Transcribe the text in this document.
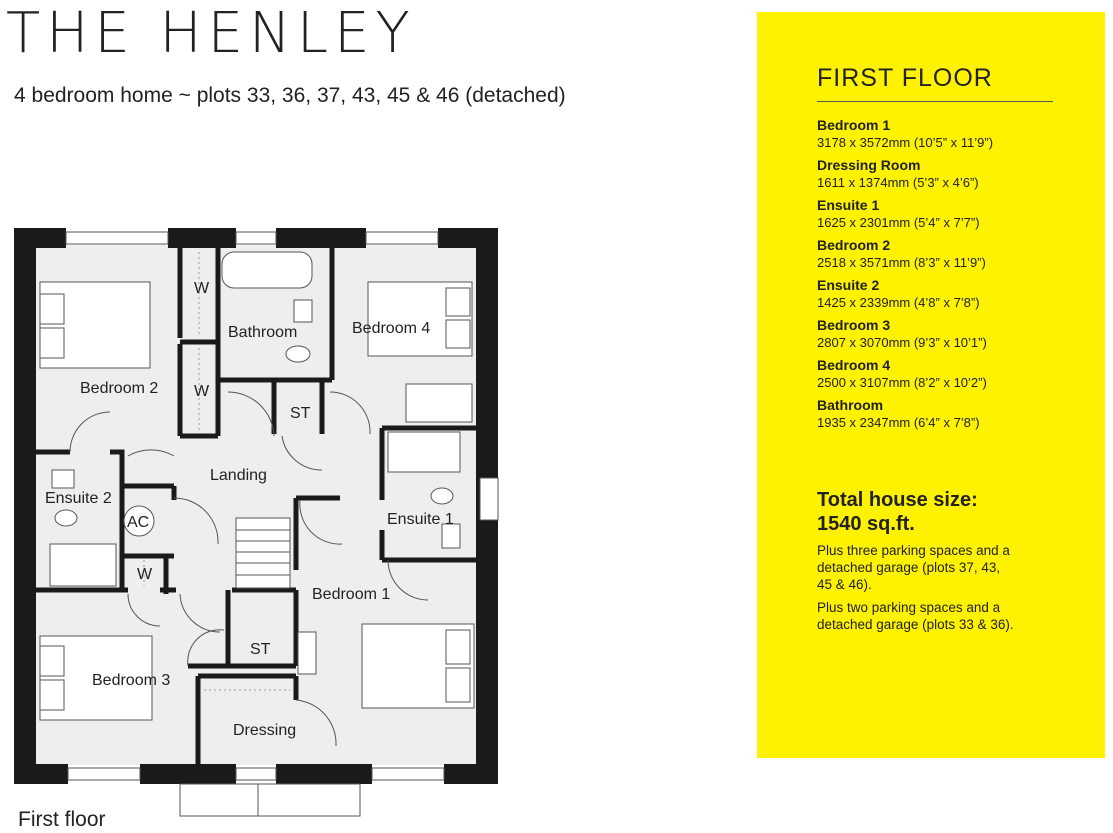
THE HENLEY
4 bedroom home ~ plots 33, 36, 37, 43, 45 & 46 (detached)
Bedroom 2
Bathroom	Bedroom 4
W
W
W
ST
ST
Landing
Ensuite 2
Ensuite 1
AC
Bedroom 1
Bedroom 3
Dressing
First floor
FIRST FLOOR
Bedroom 1
3178 x 3572mm (10’5” x 11’9”)
Dressing Room
1611 x 1374mm (5’3” x 4’6”)
Ensuite 1
1625 x 2301mm (5’4” x 7’7”)
Bedroom 2
2518 x 3571mm (8’3” x 11’9”)
Ensuite 2
1425 x 2339mm (4’8” x 7’8”)
Bedroom 3
2807 x 3070mm (9’3” x 10’1”)
Bedroom 4
2500 x 3107mm (8’2” x 10’2”)
Bathroom
1935 x 2347mm (6’4” x 7’8”)
Total house size:
1540 sq.ft.
Plus three parking spaces and a detached garage (plots 37, 43, 45 & 46).
Plus two parking spaces and a detached garage (plots 33 & 36).
